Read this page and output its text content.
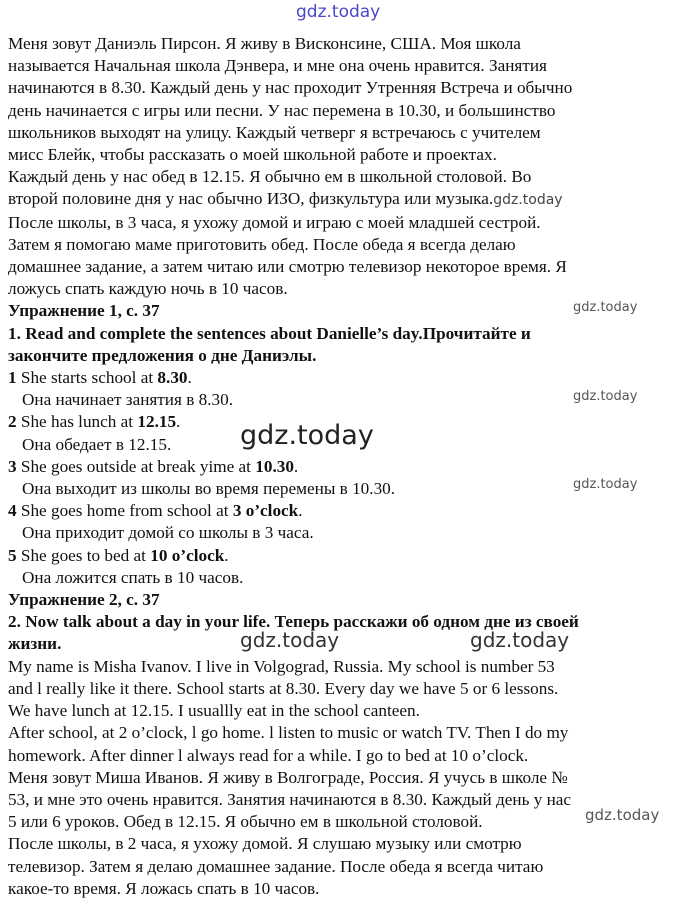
gdz.today
Меня зовут Даниэль Пирсон. Я живу в Висконсине, США. Моя школа
называется Начальная школа Дэнвера, и мне она очень нравится. Занятия
начинаются в 8.30. Каждый день у нас проходит Утренняя Встреча и обычно
день начинается с игры или песни. У нас перемена в 10.30, и большинство
школьников выходят на улицу. Каждый четверг я встречаюсь с учителем
мисс Блейк, чтобы рассказать о моей школьной работе и проектах.
Каждый день у нас обед в 12.15. Я обычно ем в школьной столовой. Во
второй половине дня у нас обычно ИЗО, физкультура или музыка.gdz.today
После школы, в 3 часа, я ухожу домой и играю с моей младшей сестрой.
Затем я помогаю маме приготовить обед. После обеда я всегда делаю
домашнее задание, а затем читаю или смотрю телевизор некоторое время. Я
ложусь спать каждую ночь в 10 часов.
Упражнение 1, с. 37
1. Read and complete the sentences about Danielle’s day.Прочитайте и
закончите предложения о дне Даниэлы.
1 She starts school at 8.30.
Она начинает занятия в 8.30.
2 She has lunch at 12.15.
Она обедает в 12.15.
3 She goes outside at break yime at 10.30.
Она выходит из школы во время перемены в 10.30.
4 She goes home from school at 3 o’clock.
Она приходит домой со школы в 3 часа.
5 She goes to bed at 10 o’clock.
Она ложится спать в 10 часов.
Упражнение 2, с. 37
2. Now talk about a day in your life. Теперь расскажи об одном дне из своей
жизни.
My name is Misha Ivanov. I live in Volgograd, Russia. My school is number 53
and l really like it there. School starts at 8.30. Every day we have 5 or 6 lessons.
We have lunch at 12.15. I usuallly eat in the school canteen.
After school, at 2 o’clock, l go home. l listen to music or watch TV. Then I do my
homework. After dinner l always read for a while. I go to bed at 10 o’clock.
Меня зовут Миша Иванов. Я живу в Волгограде, Россия. Я учусь в школе №
53, и мне это очень нравится. Занятия начинаются в 8.30. Каждый день у нас
5 или 6 уроков. Обед в 12.15. Я обычно ем в школьной столовой.
После школы, в 2 часа, я ухожу домой. Я слушаю музыку или смотрю
телевизор. Затем я делаю домашнее задание. После обеда я всегда читаю
какое-то время. Я ложась спать в 10 часов.
gdz.today
gdz.today
gdz.today
gdz.today
gdz.today	gdz.today
gdz.today
